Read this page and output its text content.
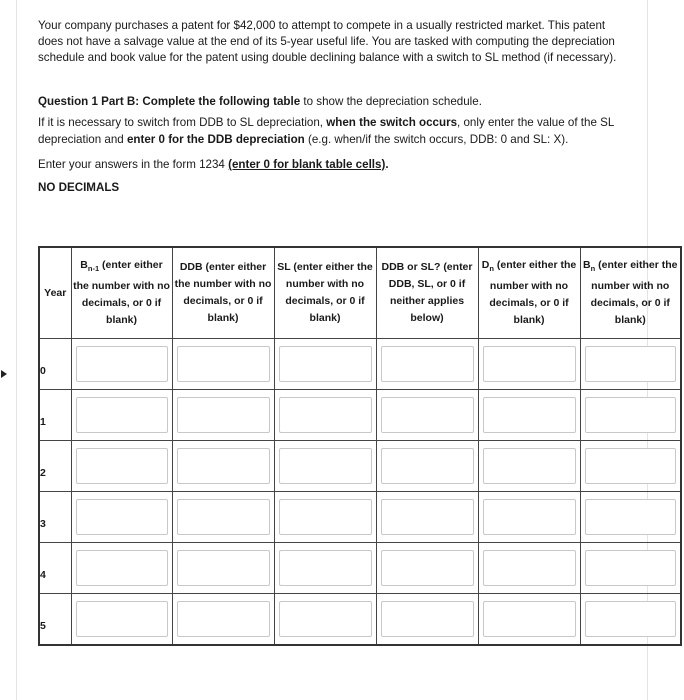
Your company purchases a patent for $42,000 to attempt to compete in a usually restricted market. This patent does not have a salvage value at the end of its 5-year useful life. You are tasked with computing the depreciation schedule and book value for the patent using double declining balance with a switch to SL method (if necessary).

Question 1 Part B: Complete the following table to show the depreciation schedule.
If it is necessary to switch from DDB to SL depreciation, when the switch occurs, only enter the value of the SL depreciation and enter 0 for the DDB depreciation (e.g. when/if the switch occurs, DDB: 0 and SL: X).
Enter your answers in the form 1234 (enter 0 for blank table cells).
NO DECIMALS
Year	$B_{n-1}$ (enter either the number with no decimals, or 0 if blank)	DDB (enter either the number with no decimals, or 0 if blank)	SL (enter either the number with no decimals, or 0 if blank)	DDB or SL? (enter DDB, SL, or 0 if neither applies below)	$D_n$ (enter either the number with no decimals, or 0 if blank)	$B_n$ (enter either the number with no decimals, or 0 if blank)

0						

1						

2						

3						

4						

5						
